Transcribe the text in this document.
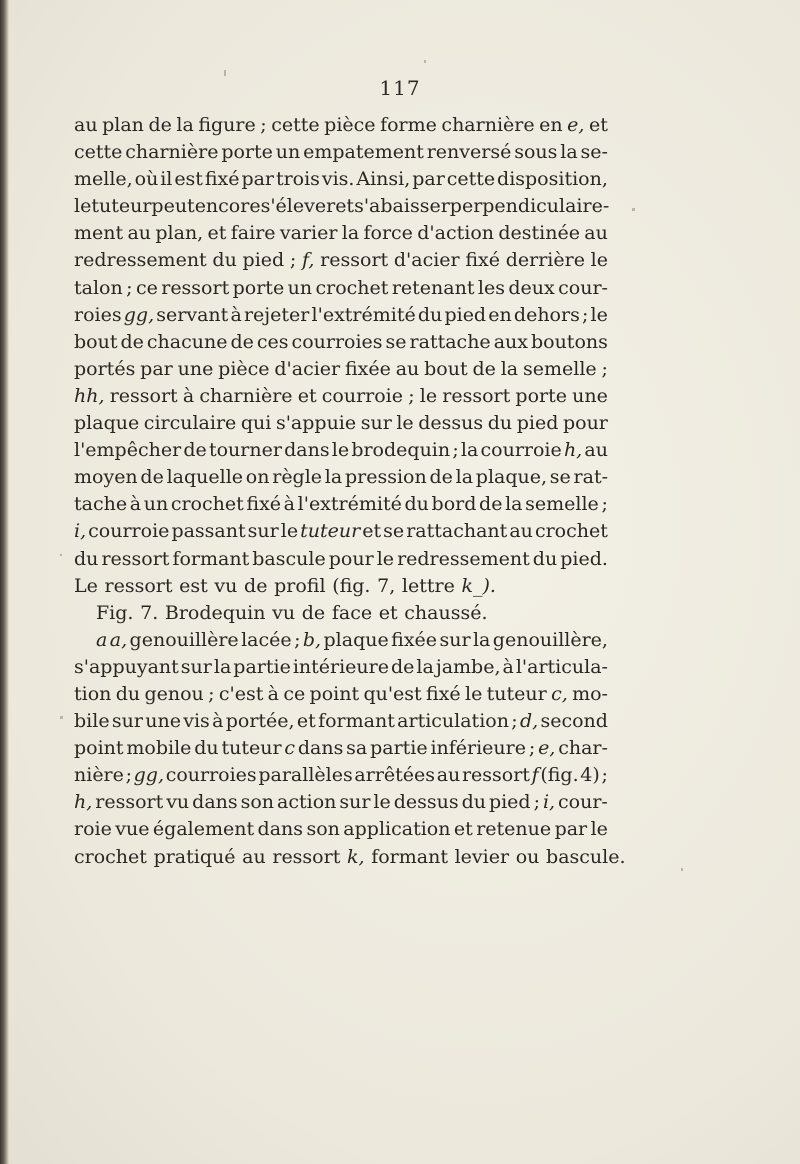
117
au plan de la figure ; cette pièce forme charnière en e, et
cette charnière porte un empatement renversé sous la se-
melle, où il est fixé par trois vis. Ainsi, par cette disposition,
le tuteur peut encore s'élever et s'abaisser perpendiculaire-
ment au plan, et faire varier la force d'action destinée au
redressement du pied ; f, ressort d'acier fixé derrière le
talon ; ce ressort porte un crochet retenant les deux cour-
roies gg, servant à rejeter l'extrémité du pied en dehors ; le
bout de chacune de ces courroies se rattache aux boutons
portés par une pièce d'acier fixée au bout de la semelle ;
hh, ressort à charnière et courroie ; le ressort porte une
plaque circulaire qui s'appuie sur le dessus du pied pour
l'empêcher de tourner dans le brodequin ; la courroie h, au
moyen de laquelle on règle la pression de la plaque, se rat-
tache à un crochet fixé à l'extrémité du bord de la semelle ;
i, courroie passant sur le tuteur et se rattachant au crochet
du ressort formant bascule pour le redressement du pied.
Le ressort est vu de profil (fig. 7, lettre k_).
Fig. 7. Brodequin vu de face et chaussé.
a a, genouillère lacée ; b, plaque fixée sur la genouillère,
s'appuyant sur la partie intérieure de la jambe, à l'articula-
tion du genou ; c'est à ce point qu'est fixé le tuteur c, mo-
bile sur une vis à portée, et formant articulation ; d, second
point mobile du tuteur c dans sa partie inférieure ; e, char-
nière ; gg, courroies parallèles arrêtées au ressort f (fig. 4) ;
h, ressort vu dans son action sur le dessus du pied ; i, cour-
roie vue également dans son application et retenue par le
crochet pratiqué au ressort k, formant levier ou bascule.
